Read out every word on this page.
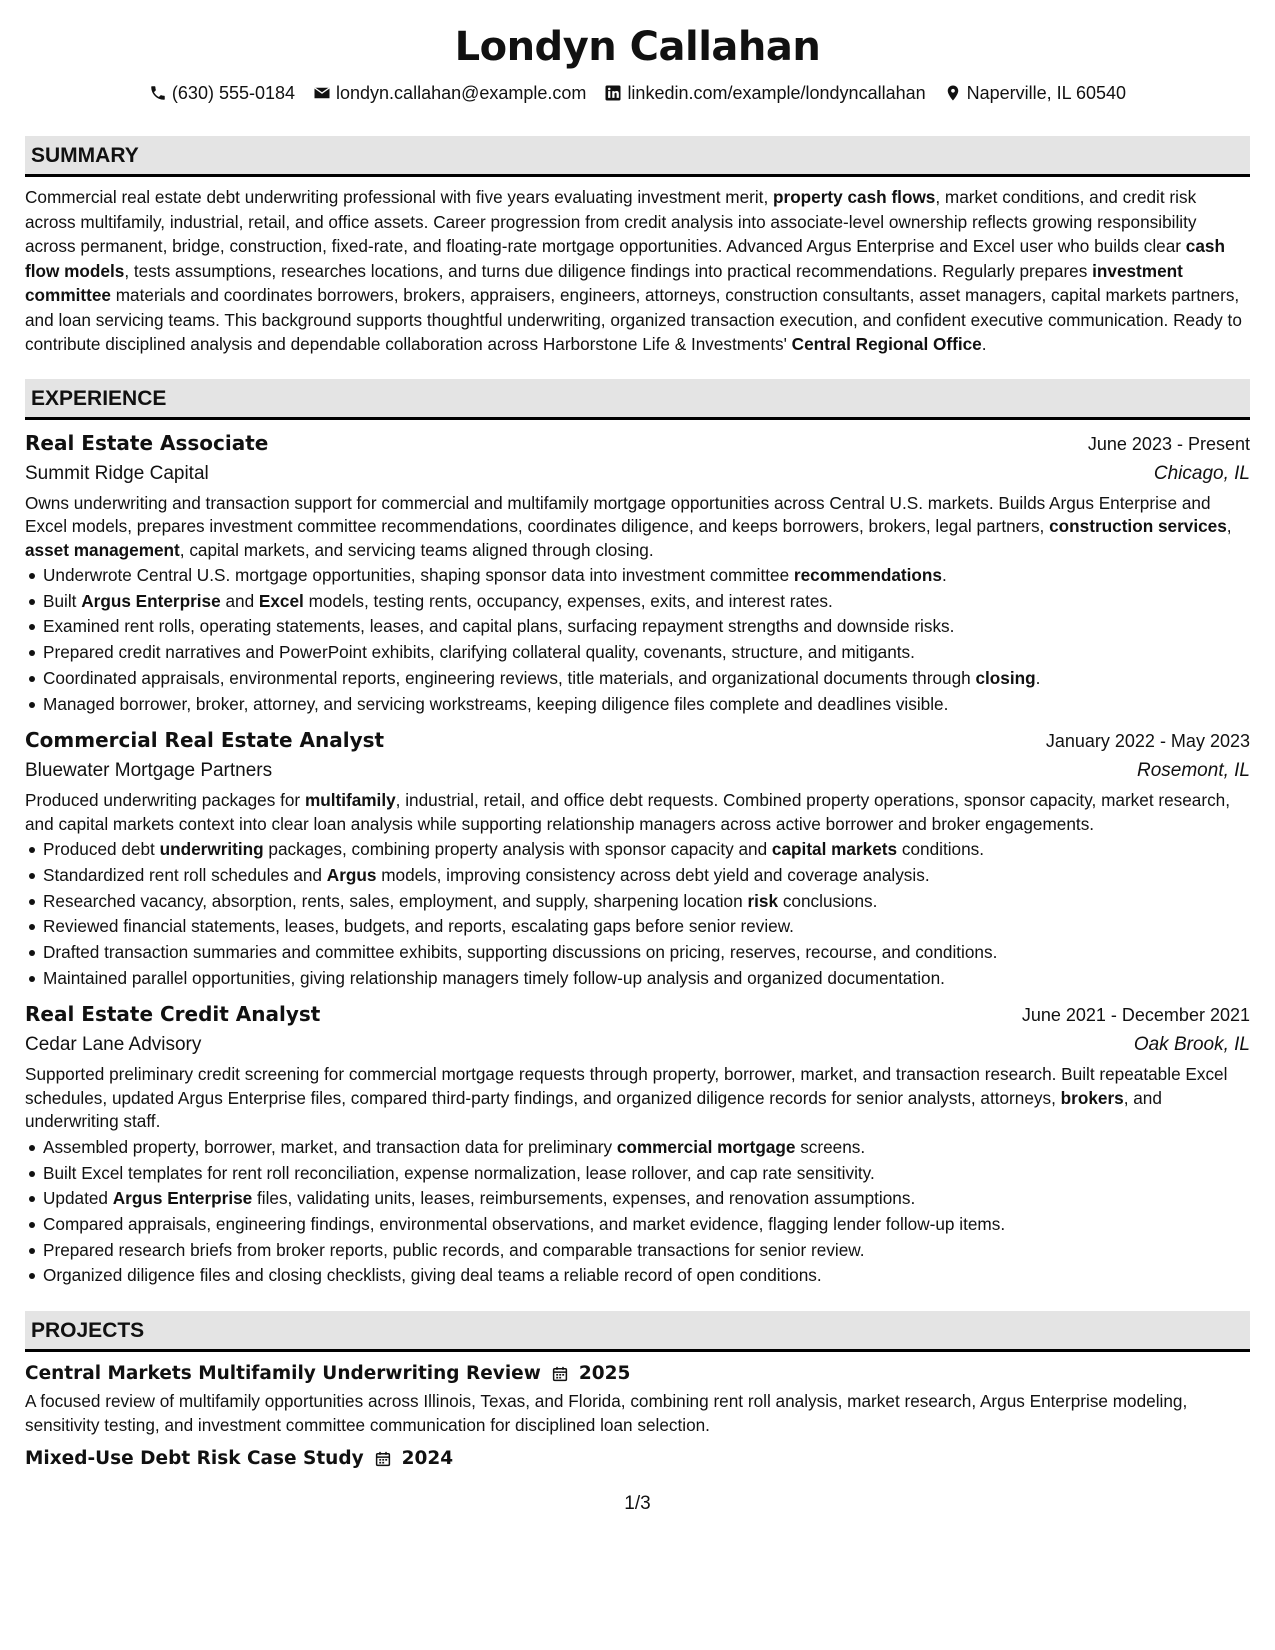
Londyn Callahan
(630) 555-0184 londyn.callahan@example.com linkedin.com/example/londyncallahan Naperville, IL 60540
SUMMARY

Commercial real estate debt underwriting professional with five years evaluating investment merit, property cash flows, market conditions, and credit risk across multifamily, industrial, retail, and office assets. Career progression from credit analysis into associate-level ownership reflects growing responsibility across permanent, bridge, construction, fixed-rate, and floating-rate mortgage opportunities. Advanced Argus Enterprise and Excel user who builds clear cash flow models, tests assumptions, researches locations, and turns due diligence findings into practical recommendations. Regularly prepares investment committee materials and coordinates borrowers, brokers, appraisers, engineers, attorneys, construction consultants, asset managers, capital markets partners, and loan servicing teams. This background supports thoughtful underwriting, organized transaction execution, and confident executive communication. Ready to contribute disciplined analysis and dependable collaboration across Harborstone Life & Investments' Central Regional Office.

EXPERIENCE
Real Estate Associate	June 2023 - Present
Summit Ridge Capital	Chicago, IL

Owns underwriting and transaction support for commercial and multifamily mortgage opportunities across Central U.S. markets. Builds Argus Enterprise and Excel models, prepares investment committee recommendations, coordinates diligence, and keeps borrowers, brokers, legal partners, construction services, asset management, capital markets, and servicing teams aligned through closing.

Underwrote Central U.S. mortgage opportunities, shaping sponsor data into investment committee recommendations.
Built Argus Enterprise and Excel models, testing rents, occupancy, expenses, exits, and interest rates.
Examined rent rolls, operating statements, leases, and capital plans, surfacing repayment strengths and downside risks.
Prepared credit narratives and PowerPoint exhibits, clarifying collateral quality, covenants, structure, and mitigants.
Coordinated appraisals, environmental reports, engineering reviews, title materials, and organizational documents through closing.
Managed borrower, broker, attorney, and servicing workstreams, keeping diligence files complete and deadlines visible.
Commercial Real Estate Analyst	January 2022 - May 2023
Bluewater Mortgage Partners	Rosemont, IL

Produced underwriting packages for multifamily, industrial, retail, and office debt requests. Combined property operations, sponsor capacity, market research, and capital markets context into clear loan analysis while supporting relationship managers across active borrower and broker engagements.

Produced debt underwriting packages, combining property analysis with sponsor capacity and capital markets conditions.
Standardized rent roll schedules and Argus models, improving consistency across debt yield and coverage analysis.
Researched vacancy, absorption, rents, sales, employment, and supply, sharpening location risk conclusions.
Reviewed financial statements, leases, budgets, and reports, escalating gaps before senior review.
Drafted transaction summaries and committee exhibits, supporting discussions on pricing, reserves, recourse, and conditions.
Maintained parallel opportunities, giving relationship managers timely follow-up analysis and organized documentation.
Real Estate Credit Analyst	June 2021 - December 2021
Cedar Lane Advisory	Oak Brook, IL

Supported preliminary credit screening for commercial mortgage requests through property, borrower, market, and transaction research. Built repeatable Excel schedules, updated Argus Enterprise files, compared third-party findings, and organized diligence records for senior analysts, attorneys, brokers, and underwriting staff.

Assembled property, borrower, market, and transaction data for preliminary commercial mortgage screens.
Built Excel templates for rent roll reconciliation, expense normalization, lease rollover, and cap rate sensitivity.
Updated Argus Enterprise files, validating units, leases, reimbursements, expenses, and renovation assumptions.
Compared appraisals, engineering findings, environmental observations, and market evidence, flagging lender follow-up items.
Prepared research briefs from broker reports, public records, and comparable transactions for senior review.
Organized diligence files and closing checklists, giving deal teams a reliable record of open conditions.
PROJECTS
Central Markets Multifamily Underwriting Review 2025

A focused review of multifamily opportunities across Illinois, Texas, and Florida, combining rent roll analysis, market research, Argus Enterprise modeling, sensitivity testing, and investment committee communication for disciplined loan selection.

Mixed-Use Debt Risk Case Study 2024
1/3
